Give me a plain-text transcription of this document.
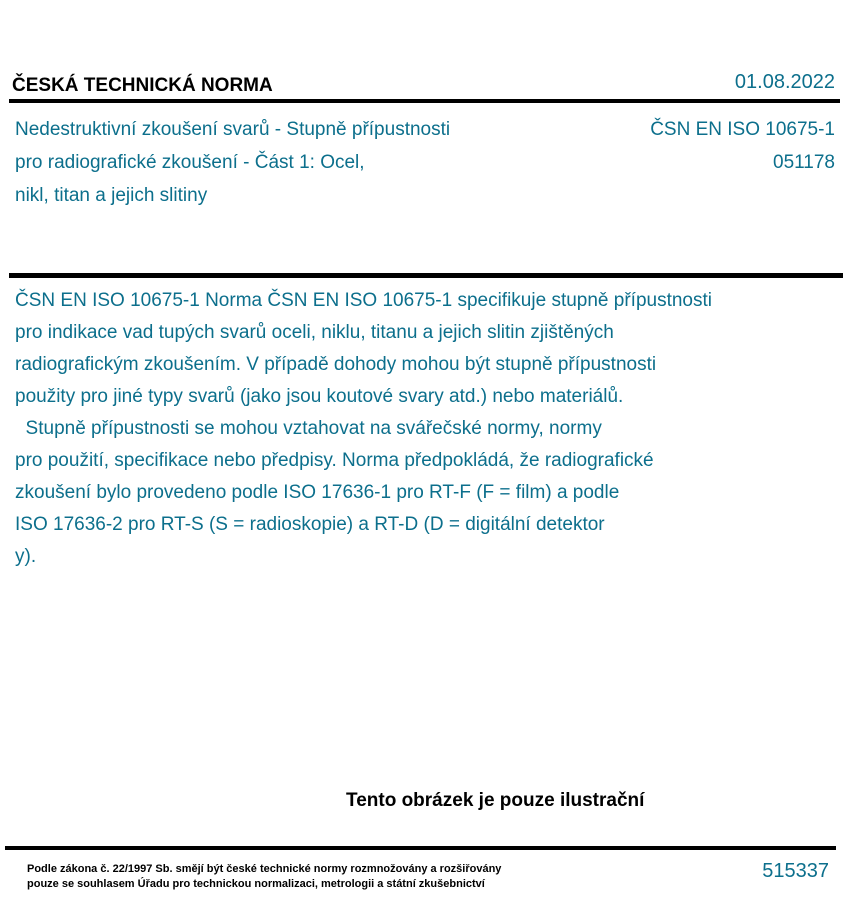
ČESKÁ TECHNICKÁ NORMA	01.08.2022
Nedestruktivní zkoušení svarů - Stupně přípustnosti
pro radiografické zkoušení - Část 1: Ocel,
nikl, titan a jejich slitiny
ČSN EN ISO 10675-1
051178
ČSN EN ISO 10675-1 Norma ČSN EN ISO 10675-1 specifikuje stupně přípustnosti
pro indikace vad tupých svarů oceli, niklu, titanu a jejich slitin zjištěných
radiografickým zkoušením. V případě dohody mohou být stupně přípustnosti
použity pro jiné typy svarů (jako jsou koutové svary atd.) nebo materiálů.
Stupně přípustnosti se mohou vztahovat na svářečské normy, normy
pro použití, specifikace nebo předpisy. Norma předpokládá, že radiografické
zkoušení bylo provedeno podle ISO 17636-1 pro RT-F (F = film) a podle
ISO 17636-2 pro RT-S (S = radioskopie) a RT-D (D = digitální detektor
y).
Tento obrázek je pouze ilustrační
Podle zákona č. 22/1997 Sb. smějí být české technické normy rozmnožovány a rozšiřovány
pouze se souhlasem Úřadu pro technickou normalizaci, metrologii a státní zkušebnictví
515337
